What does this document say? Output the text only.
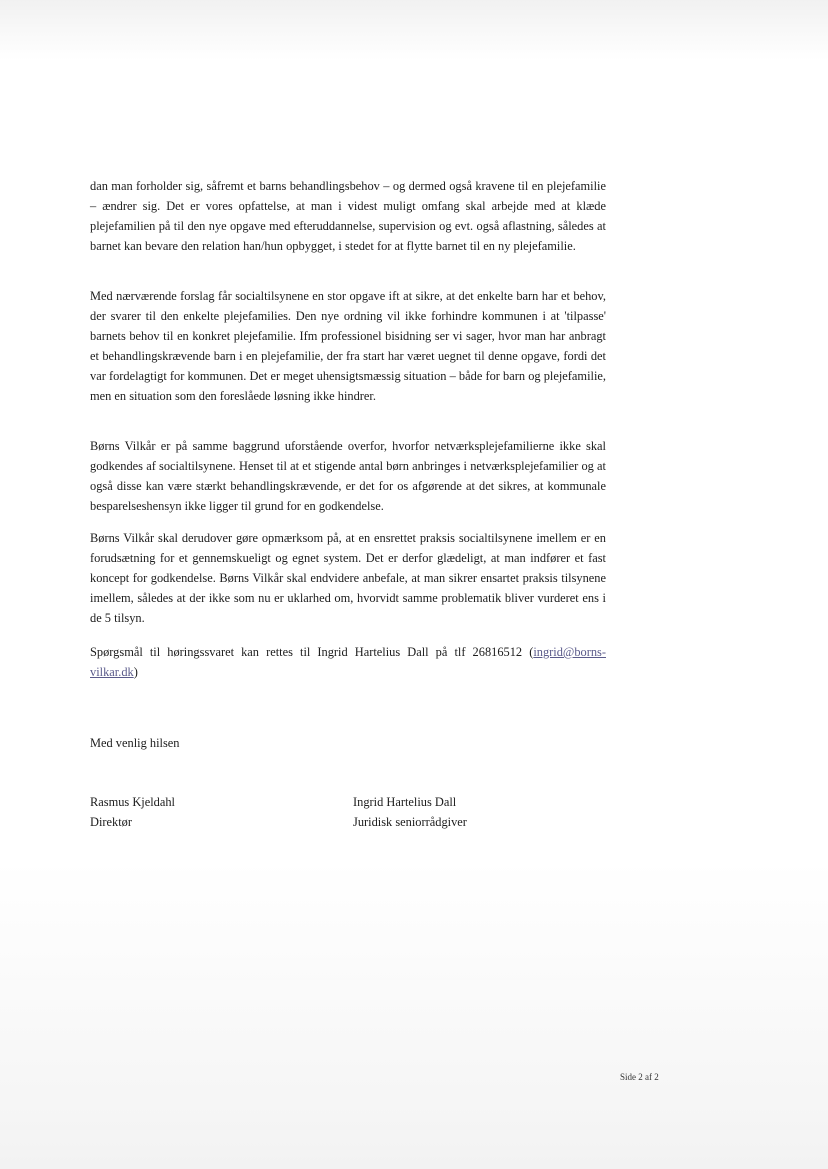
dan man forholder sig, såfremt et barns behandlingsbehov – og dermed også kravene til en plejefamilie – ændrer sig. Det er vores opfattelse, at man i videst muligt omfang skal arbejde med at klæde plejefamilien på til den nye opgave med efteruddannelse, supervision og evt. også aflastning, således at barnet kan bevare den relation han/hun opbygget, i stedet for at flytte barnet til en ny plejefamilie.
Med nærværende forslag får socialtilsynene en stor opgave ift at sikre, at det enkelte barn har et behov, der svarer til den enkelte plejefamilies. Den nye ordning vil ikke forhindre kommunen i at 'tilpasse' barnets behov til en konkret plejefamilie. Ifm professionel bisidning ser vi sager, hvor man har anbragt et behandlingskrævende barn i en plejefamilie, der fra start har været uegnet til denne opgave, fordi det var fordelagtigt for kommunen. Det er meget uhensigtsmæssig situation – både for barn og plejefamilie, men en situation som den foreslåede løsning ikke hindrer.
Børns Vilkår er på samme baggrund uforstående overfor, hvorfor netværksplejefamilierne ikke skal godkendes af socialtilsynene. Henset til at et stigende antal børn anbringes i netværksplejefamilier og at også disse kan være stærkt behandlingskrævende, er det for os afgørende at det sikres, at kommunale besparelseshensyn ikke ligger til grund for en godkendelse.
Børns Vilkår skal derudover gøre opmærksom på, at en ensrettet praksis socialtilsynene imellem er en forudsætning for et gennemskueligt og egnet system. Det er derfor glædeligt, at man indfører et fast koncept for godkendelse. Børns Vilkår skal endvidere anbefale, at man sikrer ensartet praksis tilsynene imellem, således at der ikke som nu er uklarhed om, hvorvidt samme problematik bliver vurderet ens i de 5 tilsyn.
Spørgsmål til høringssvaret kan rettes til Ingrid Hartelius Dall på tlf 26816512 (ingrid@borns-vilkar.dk)
Med venlig hilsen
Rasmus Kjeldahl
Direktør
Ingrid Hartelius Dall
Juridisk seniorrådgiver
Side 2 af 2
